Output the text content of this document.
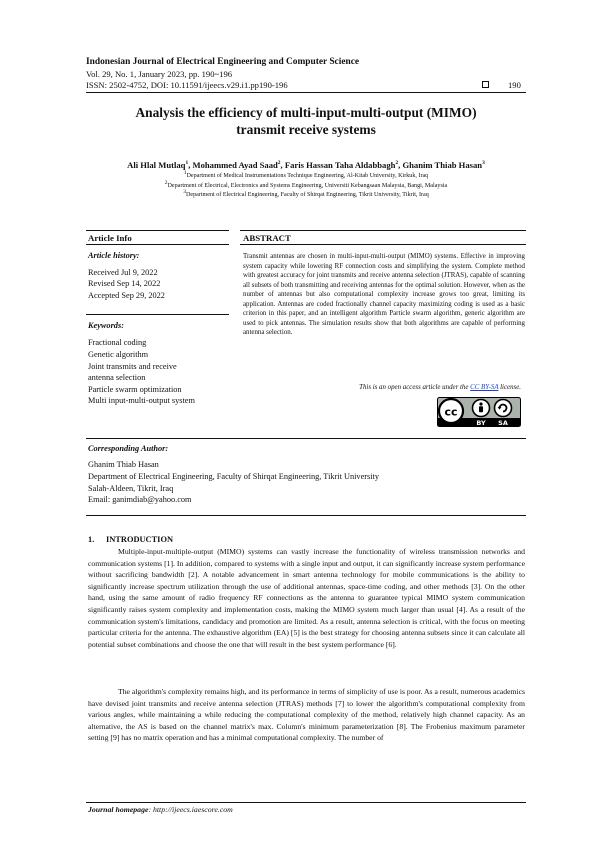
Indonesian Journal of Electrical Engineering and Computer Science
Vol. 29, No. 1, January 2023, pp. 190~196
ISSN: 2502-4752, DOI: 10.11591/ijeecs.v29.i1.pp190-196	190
Analysis the efficiency of multi-input-multi-output (MIMO)
transmit receive systems
Ali Hlal Mutlaq$^1$, Mohammed Ayad Saad$^2$, Faris Hassan Taha Aldabbagh$^2$, Ghanim Thiab Hasan$^3$
$^1$Department of Medical Instrumentations Technique Engineering, Al-Kitab University, Kirkuk, Iraq
$^2$Department of Electrical, Electronics and Systems Engineering, Universiti Kebangsaan Malaysia, Bangi, Malaysia
$^3$Department of Electrical Engineering, Faculty of Shirqat Engineering, Tikrit University, Tikrit, Iraq
Article Info	ABSTRACT
Article history:
Received Jul 9, 2022
Revised Sep 14, 2022
Accepted Sep 29, 2022
Keywords:
Fractional coding
Genetic algorithm
Joint transmits and receive
antenna selection
Particle swarm optimization
Multi input-multi-output system
Transmit antennas are chosen in multi-input-multi-output (MIMO) systems. Effective in improving system capacity while lowering RF connection costs and simplifying the system. Complete method with greatest accuracy for joint transmits and receive antenna selection (JTRAS), capable of scanning all subsets of both transmitting and receiving antennas for the optimal solution. However, when as the number of antennas but also computational complexity increase grows too great, limiting its application. Antennas are coded fractionally channel capacity maximizing coding is used as a basic criterion in this paper, and an intelligent algorithm Particle swarm algorithm, generic algorithm are used to pick antennas. The simulation results show that both algorithms are capable of performing antenna selection.
This is an open access article under the CC BY-SA license.
cc
BY SA
Corresponding Author:
Ghanim Thiab Hasan
Department of Electrical Engineering, Faculty of Shirqat Engineering, Tikrit University
Salah-Aldeen, Tikrit, Iraq
Email: ganimdiab@yahoo.com
1. INTRODUCTION
Multiple-input-multiple-output (MIMO) systems can vastly increase the functionality of wireless transmission networks and communication systems [1]. In addition, compared to systems with a single input and output, it can significantly increase system performance without sacrificing bandwidth [2]. A notable advancement in smart antenna technology for mobile communications is the ability to significantly increase spectrum utilization through the use of additional antennas, space-time coding, and other methods [3]. On the other hand, using the same amount of radio frequency RF connections as the antenna to guarantee typical MIMO system communication significantly raises system complexity and implementation costs, making the MIMO system much larger than usual [4]. As a result of the communication system's limitations, candidacy and promotion are limited. As a result, antenna selection is critical, with the focus on meeting particular criteria for the antenna. The exhaustive algorithm (EA) [5] is the best strategy for choosing antenna subsets since it can calculate all potential subset combinations and choose the one that will result in the best system performance [6].
The algorithm's complexity remains high, and its performance in terms of simplicity of use is poor. As a result, numerous academics have devised joint transmits and receive antenna selection (JTRAS) methods [7] to lower the algorithm's computational complexity from various angles, while maintaining a while reducing the computational complexity of the method, relatively high channel capacity. As an alternative, the AS is based on the channel matrix's max. Column's minimum parameterization [8]. The Frobenius maximum parameter setting [9] has no matrix operation and has a minimal computational complexity. The number of
Journal homepage: http://ijeecs.iaescore.com
